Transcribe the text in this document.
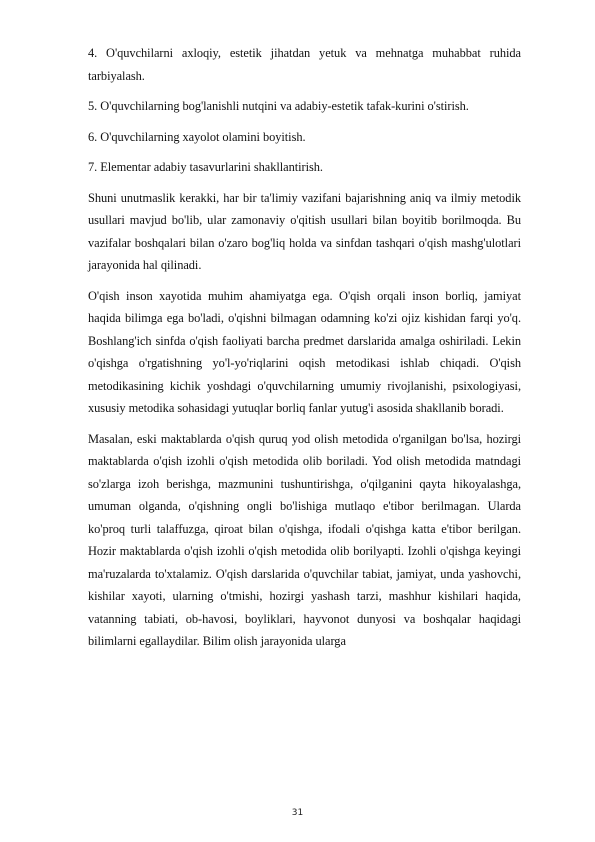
4. O'quvchilarni axloqiy, estetik jihatdan yetuk va mehnatga muhabbat ruhida tarbiyalash.

5. O'quvchilarning bog'lanishli nutqini va adabiy-estetik tafak-kurini o'stirish.

6. O'quvchilarning xayolot olamini boyitish.

7. Elementar adabiy tasavurlarini shakllantirish.

Shuni unutmaslik kerakki, har bir ta'limiy vazifani bajarishning aniq va ilmiy metodik usullari mavjud bo'lib, ular zamonaviy o'qitish usullari bilan boyitib borilmoqda. Bu vazifalar boshqalari bilan o'zaro bog'liq holda va sinfdan tashqari o'qish mashg'ulotlari jarayonida hal qilinadi.

O'qish inson xayotida muhim ahamiyatga ega. O'qish orqali inson borliq, jamiyat haqida bilimga ega bo'ladi, o'qishni bilmagan odamning ko'zi ojiz kishidan farqi yo'q. Boshlang'ich sinfda o'qish faoliyati barcha predmet darslarida amalga oshiriladi. Lekin o'qishga o'rgatishning yo'l-yo'riqlarini oqish metodikasi ishlab chiqadi. O'qish metodikasining kichik yoshdagi o'quvchilarning umumiy rivojlanishi, psixologiyasi, xususiy metodika sohasidagi yutuqlar borliq fanlar yutug'i asosida shakllanib boradi.

Masalan, eski maktablarda o'qish quruq yod olish metodida o'rganilgan bo'lsa, hozirgi maktablarda o'qish izohli o'qish metodida olib boriladi. Yod olish metodida matndagi so'zlarga izoh berishga, mazmunini tushuntirishga, o'qilganini qayta hikoyalashga, umuman olganda, o'qishning ongli bo'lishiga mutlaqo e'tibor berilmagan. Ularda ko'proq turli talaffuzga, qiroat bilan o'qishga, ifodali o'qishga katta e'tibor berilgan. Hozir maktablarda o'qish izohli o'qish metodida olib borilyapti. Izohli o'qishga keyingi ma'ruzalarda to'xtalamiz. O'qish darslarida o'quvchilar tabiat, jamiyat, unda yashovchi, kishilar xayoti, ularning o'tmishi, hozirgi yashash tarzi, mashhur kishilari haqida, vatanning tabiati, ob-havosi, boyliklari, hayvonot dunyosi va boshqalar haqidagi bilimlarni egallaydilar. Bilim olish jarayonida ularga

31
